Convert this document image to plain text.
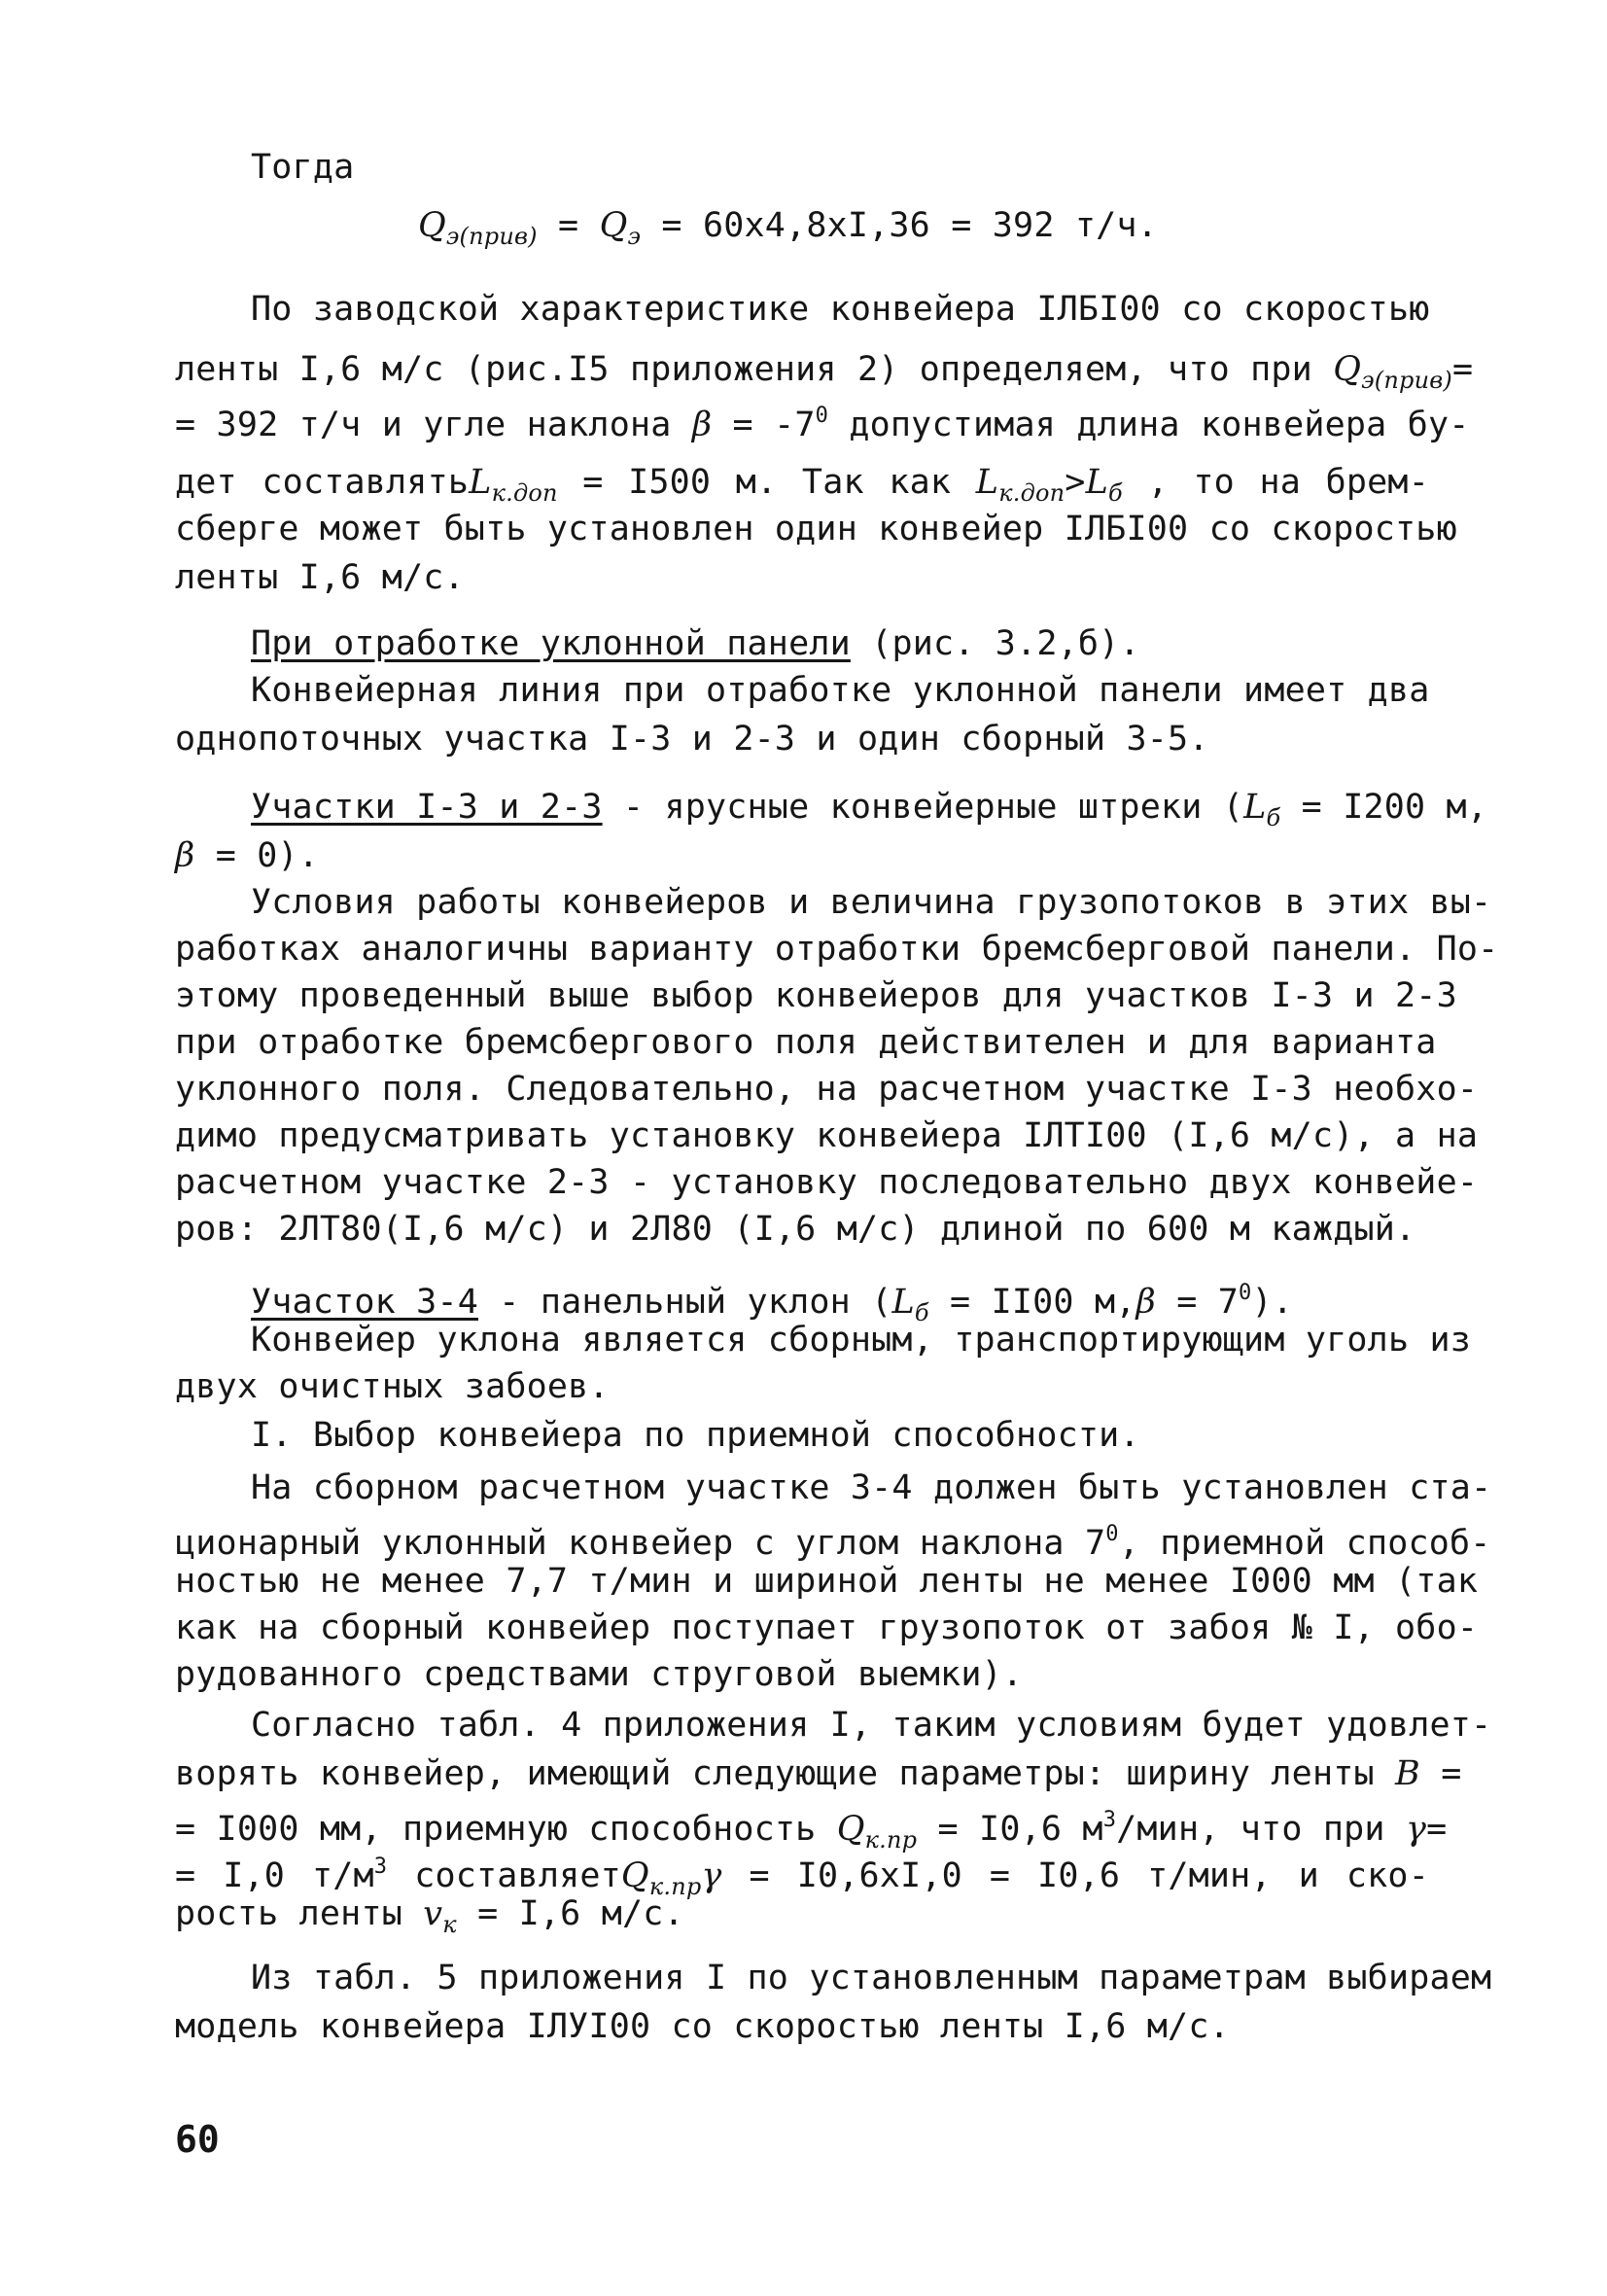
Тогда
$Q_{э(прив)} = Q_э = 60х4,8хI,36 = 392$ т/ч.
По заводской характеристике конвейера IЛБI00 со скоростью
ленты I,6 м/с (рис.I5 приложения 2) определяем, что при $Q_{э(прив)}=$
= 392 т/ч и угле наклона $\beta = -7^0$ допустимая длина конвейера бу-
дет составлятьL$_{к.доп}$ = I500 м. Так как $L_{к.доп}>L_б$ , то на брем-
сберге может быть установлен один конвейер IЛБI00 со скоростью
ленты I,6 м/с.
При отработке уклонной панели (рис. 3.2,б).
Конвейерная линия при отработке уклонной панели имеет два
однопоточных участка I-3 и 2-3 и один сборный 3-5.
Участки I-3 и 2-3 - ярусные конвейерные штреки ($L_б = I200$ м,
β = 0).
Условия работы конвейеров и величина грузопотоков в этих вы-
работках аналогичны варианту отработки бремсберговой панели. По-
этому проведенный выше выбор конвейеров для участков I-3 и 2-3
при отработке бремсбергового поля действителен и для варианта
уклонного поля. Следовательно, на расчетном участке I-3 необхо-
димо предусматривать установку конвейера IЛТI00 (I,6 м/с), а на
расчетном участке 2-3 - установку последовательно двух конвейе-
ров: 2ЛТ80(I,6 м/с) и 2Л80 (I,6 м/с) длиной по 600 м каждый.
Участок 3-4 - панельный уклон ($L_б = II00$ $м,\beta = 7^0$).
Конвейер уклона является сборным, транспортирующим уголь из
двух очистных забоев.
I. Выбор конвейера по приемной способности.
На сборном расчетном участке 3-4 должен быть установлен ста-
ционарный уклонный конвейер с углом наклона $7^0$, приемной способ-
ностью не менее 7,7 т/мин и шириной ленты не менее I000 мм (так
как на сборный конвейер поступает грузопоток от забоя № I, обо-
рудованного средствами струговой выемки).
Согласно табл. 4 приложения I, таким условиям будет удовлет-
ворять конвейер, имеющий следующие параметры: ширину ленты B =
= I000 мм, приемную способность $Q_{к.пр} = I0,6$ $м^3$/мин, что при γ=
= I,0 $т/м^3$ составляетQ$_{к.пр}$γ = I0,6хI,0 = I0,6 т/мин, и ско-
рость ленты $v_к = I,6$ м/с.
Из табл. 5 приложения I по установленным параметрам выбираем
модель конвейера IЛУI00 со скоростью ленты I,6 м/с.
60
